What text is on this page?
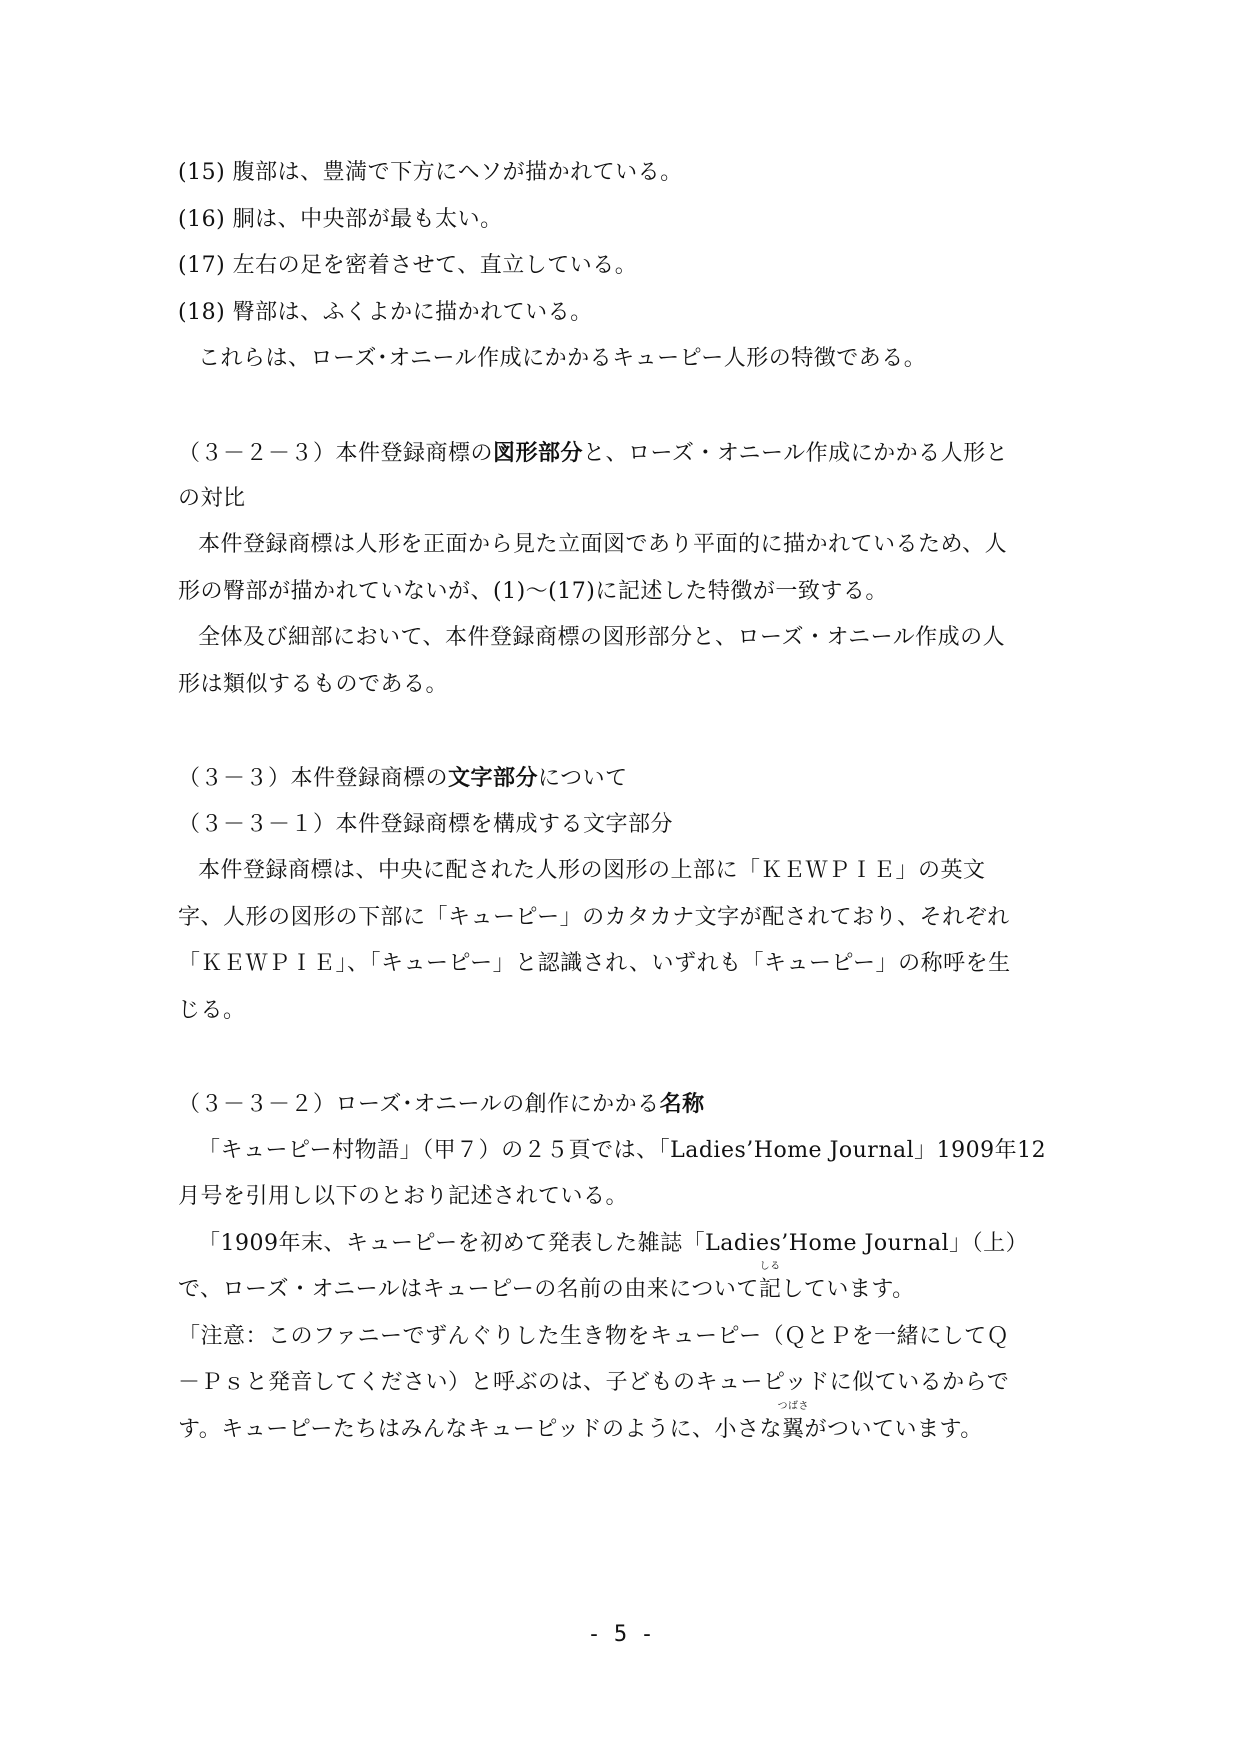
(15) 腹部は、豊満で下方にヘソが描かれている。
(16) 胴は、中央部が最も太い。
(17) 左右の足を密着させて、直立している。
(18) 臀部は、ふくよかに描かれている。
これらは、ローズ･オニール作成にかかるキューピー人形の特徴である。
（３－２－３）本件登録商標の図形部分と、ローズ・オニール作成にかかる人形と
の対比
本件登録商標は人形を正面から見た立面図であり平面的に描かれているため、人
形の臀部が描かれていないが、(1)～(17)に記述した特徴が一致する。
全体及び細部において、本件登録商標の図形部分と、ローズ・オニール作成の人
形は類似するものである。
（３－３）本件登録商標の文字部分について
（３－３－１）本件登録商標を構成する文字部分
本件登録商標は、中央に配された人形の図形の上部に「ＫＥＷＰＩＥ」の英文
字、人形の図形の下部に「キューピー」のカタカナ文字が配されており、それぞれ
「ＫＥＷＰＩＥ」、「キューピー」と認識され、いずれも「キューピー」の称呼を生
じる。
（３－３－２）ローズ･オニールの創作にかかる名称
「キューピー村物語」（甲７）の２５頁では、「Ladies’Home Journal」1909年12
月号を引用し以下のとおり記述されている。
「1909年末、キューピーを初めて発表した雑誌「Ladies’Home Journal」（上）
で、ローズ・オニールはキューピーの名前の由来について
しる
記しています。
「注意：このファニーでずんぐりした生き物をキューピー（ＱとＰを一緒にしてＱ
－Ｐｓと発音してください）と呼ぶのは、子どものキューピッドに似ているからで
す。キューピーたちはみんなキューピッドのように、小さな
つばさ
翼がついています。
- 5 -
